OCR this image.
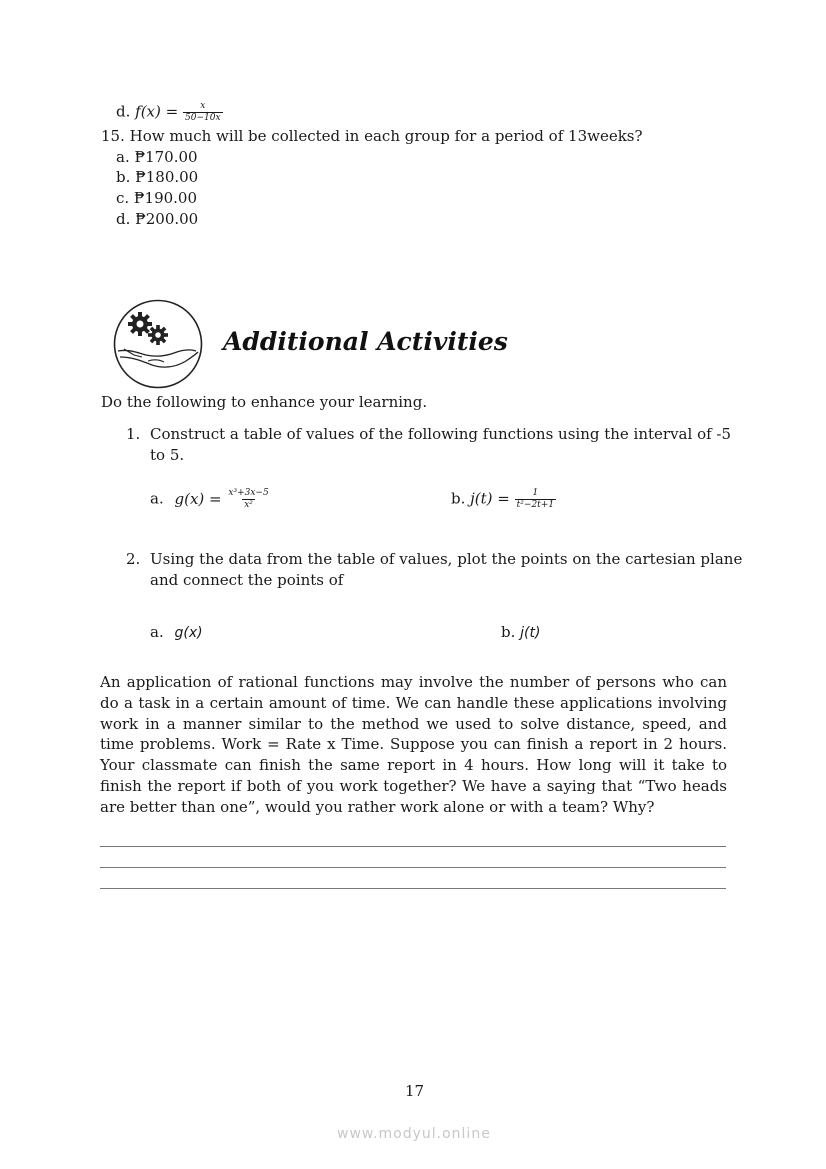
d. $f(x) = \frac{x}{50-10x}$
15. How much will be collected in each group for a period of 13weeks?
a. ₱170.00
b. ₱180.00
c. ₱190.00
d. ₱200.00
Additional Activities
Do the following to enhance your learning.
1. Construct a table of values of the following functions using the interval of -5
to 5.
a. $g(x) = \frac{\text{x³+3x−5}}{\text{x²}}$	b. $j(t) = \frac{1}{\text{t²−2t+1}}$
2. Using the data from the table of values, plot the points on the cartesian plane
and connect the points of
a. g(x)	b. j(t)
An application of rational functions may involve the number of persons who can do a task in a certain amount of time. We can handle these applications involving work in a manner similar to the method we used to solve distance, speed, and time problems. Work = Rate x Time. Suppose you can finish a report in 2 hours. Your classmate can finish the same report in 4 hours. How long will it take to finish the report if both of you work together? We have a saying that “Two heads are better than one”, would you rather work alone or with a team? Why?
17
www.modyul.online
